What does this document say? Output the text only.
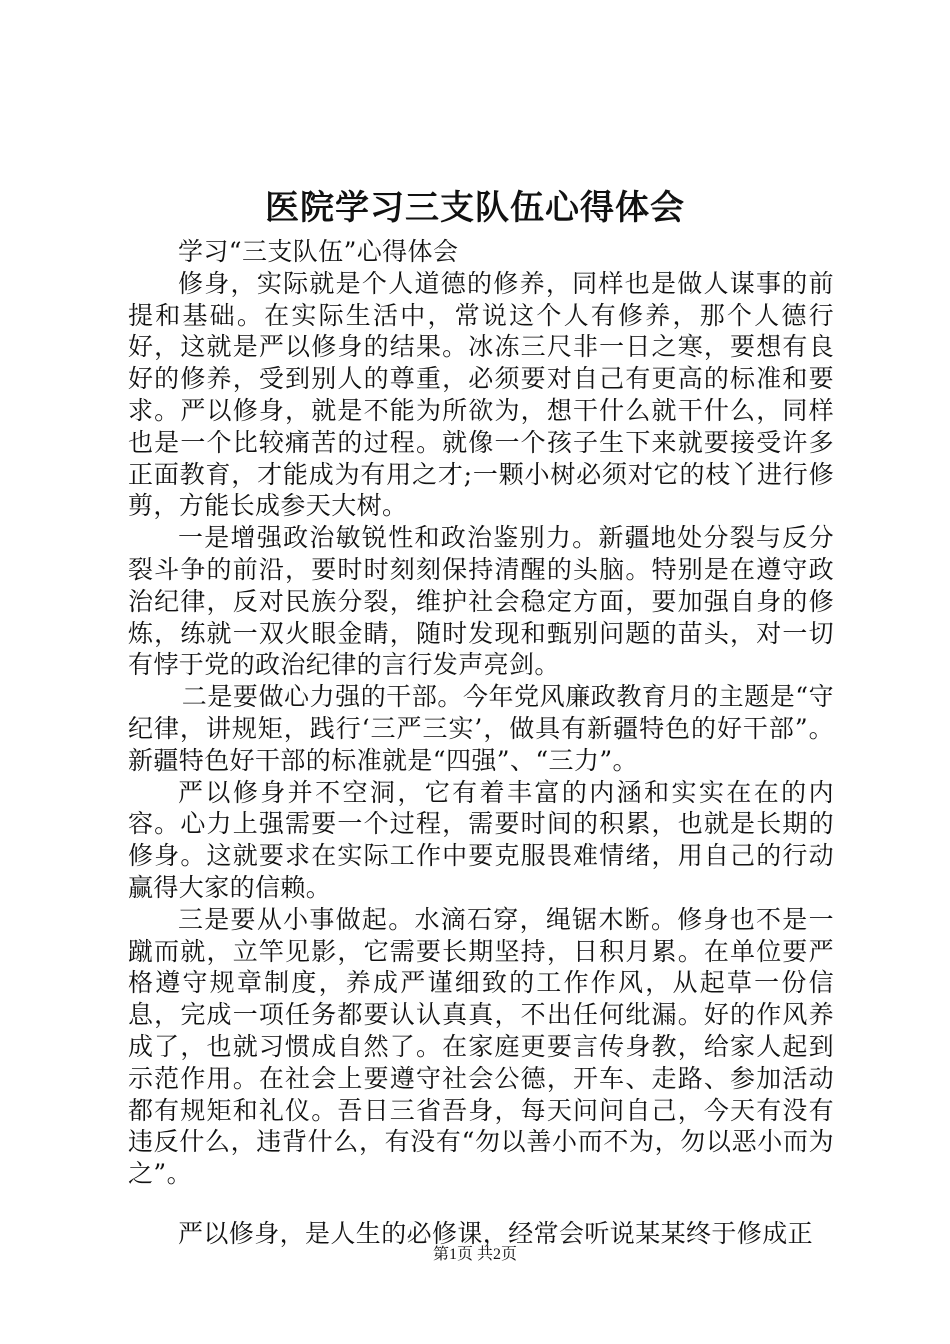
医院学习三支队伍心得体会

学习“三支队伍”心得体会

修身，实际就是个人道德的修养，同样也是做人谋事的前提和基础。在实际生活中，常说这个人有修养，那个人德行好，这就是严以修身的结果。冰冻三尺非一日之寒，要想有良好的修养，受到别人的尊重，必须要对自己有更高的标准和要求。严以修身，就是不能为所欲为，想干什么就干什么，同样也是一个比较痛苦的过程。就像一个孩子生下来就要接受许多正面教育，才能成为有用之才;一颗小树必须对它的枝丫进行修剪，方能长成参天大树。

一是增强政治敏锐性和政治鉴别力。新疆地处分裂与反分裂斗争的前沿，要时时刻刻保持清醒的头脑。特别是在遵守政治纪律，反对民族分裂，维护社会稳定方面，要加强自身的修炼，练就一双火眼金睛，随时发现和甄别问题的苗头，对一切有悖于党的政治纪律的言行发声亮剑。

二是要做心力强的干部。今年党风廉政教育月的主题是“守纪律，讲规矩，践行‘三严三实’，做具有新疆特色的好干部”。新疆特色好干部的标准就是“四强”、“三力”。

严以修身并不空洞，它有着丰富的内涵和实实在在的内容。心力上强需要一个过程，需要时间的积累，也就是长期的修身。这就要求在实际工作中要克服畏难情绪，用自己的行动赢得大家的信赖。

三是要从小事做起。水滴石穿，绳锯木断。修身也不是一蹴而就，立竿见影，它需要长期坚持，日积月累。在单位要严格遵守规章制度，养成严谨细致的工作作风，从起草一份信息，完成一项任务都要认认真真，不出任何纰漏。好的作风养成了，也就习惯成自然了。在家庭更要言传身教，给家人起到示范作用。在社会上要遵守社会公德，开车、走路、参加活动都有规矩和礼仪。吾日三省吾身，每天问问自己，今天有没有违反什么，违背什么，有没有“勿以善小而不为，勿以恶小而为之”。

严以修身，是人生的必修课，经常会听说某某终于修成正

第1页 共2页
